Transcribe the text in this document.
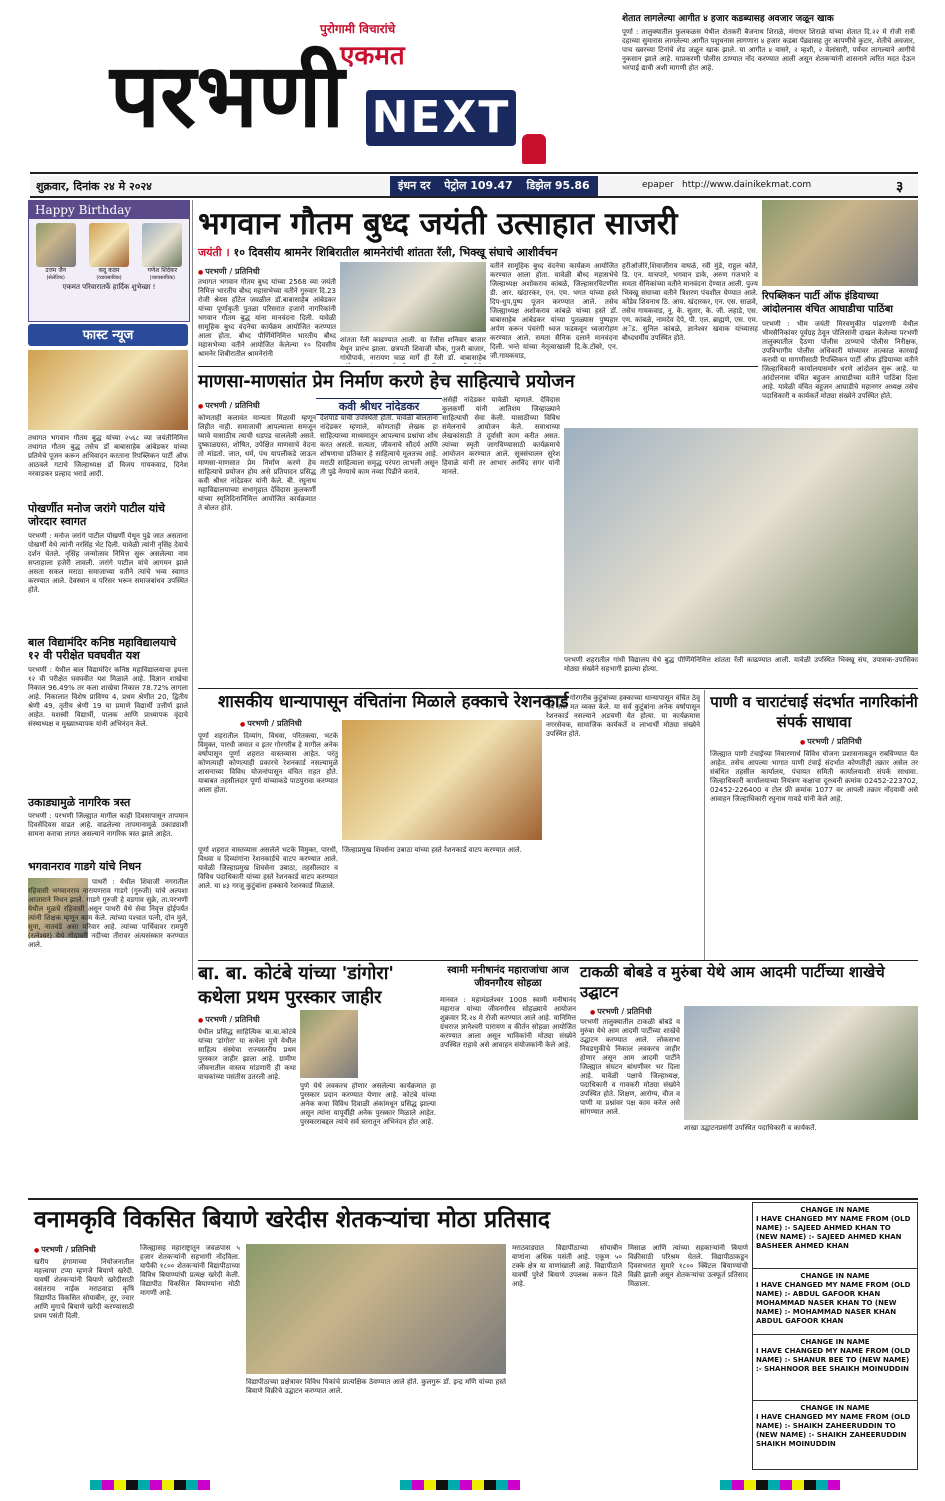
पुरोगामी विचारांचे
एकमत
परभणी NEXT
शेतात लागलेल्या आगीत ४ हजार कडब्यासह अवजार जळून खाक
पूर्णा : तालुक्यातील फुलकळस येथील शेतकरी बैजनाथ शिराळे, मंगाधर शिराळे यांच्या शेतात दि.२२ मे रोजी रात्री दहाच्या सुमारास लागलेल्या आगीत पशुधनास लागणारा ४ हजार कडबा पेंढ्यासह तुर कापणीचे कुटार, शेतीचे अवजार, पाच ख्वरच्या टिनांचे शेड जळून खाक झाले. या आगीत ४ वासरे, २ म्हशी, २ वेलांसारी, पर्यंचर लागल्याने आगीचे नुकसान झाले आहे. याप्रकरणी पोलीस ठाण्यात नोंद करण्यात आली असून शेतकऱ्यांनी शासनाने त्वरित मदत देऊन भरपाई द्यावी अशी मागणी होत आहे.
शुक्रवार, दिनांक २४ मे २०२४	इंधन दर पेट्रोल 109.47 डिझेल 95.86	epaper http://www.dainikekmat.com	३
Happy Birthday
उत्तम जैन
(सेलेटिक)
कदू कदम
(व्यावसायिक)
गणेश शिंदेकर
(व्यावसायिक)
एकमत परिवारातर्फे हार्दिक शुभेच्छा !
फास्ट न्यूज
तथागत भगवान गौतम बुद्ध यांच्या २५६८ व्या जयंतीनिमित्त तथागत गौतम बुद्ध तसेच डॉ बाबासाहेब आंबेडकर यांच्या प्रतिमेचे पूजन करून अभिवादन करताना रिपब्लिकन पार्टी ऑफ आठवले गटाचे जिल्हाध्यक्ष डॉ विजय गायकवाड, दिनेश नरवाडकर प्रल्हाद भराडे आदी.
पोखर्णीत मनोज जरांगे पाटील यांचे जोरदार स्वागत
परभणी : मनोज जरांगे पाटील पोखर्णी येथून पुढे जात असताना पोखर्णी येथे त्यांनी नरसिंह भेट दिली. यावेळी त्यांनी नृसिंह देवाचे दर्शन घेतले. नृसिंह जन्मोत्सव निमित्त सुरू असलेल्या नाम सप्ताहाला हजेरी लावली. जरांगे पाटील यांचे आगमन झाले असता सकल मराठा समाजाच्या वतीने त्यांचे भव्य स्वागत करण्यात आले. देवस्थान व परिसर भरून समाजबांधव उपस्थित होते.
बाल विद्यामंदिर कनिष्ठ महाविद्यालयाचे १२ वी परीक्षेत घवघवीत यश
परभणी : येथील बाल विद्यामंदिर कनिष्ठ महाविद्यालयाचा इयत्ता १२ वी परीक्षेत घवघवीत यश मिळाले आहे. विज्ञान शाखेचा निकाल 96.49% तर कला शाखेचा निकाल 78.72% लागला आहे. निकालात विशेष प्राविण्य 4, प्रथम श्रेणीत 20, द्वितीय श्रेणी 49, तृतीय श्रेणी 19 या प्रमाणे विद्यार्थी उत्तीर्ण झाले आहेत. यशस्वी विद्यार्थी, पालक आणि प्राध्यापक वृंदाचे संस्थाध्यक्ष व मुख्याध्यापक यांनी अभिनंदन केले.
उकाड्यामुळे नागरिक त्रस्त
परभणी : परभणी जिल्ह्यात मागील काही दिवसापासून तापमान दिवसेंदिवस वाढत आहे. वाढलेल्या तापमानामुळे उकाड्याशी सामना करावा लागत असल्याने नागरिक त्रस्त झाले आहेत.
भगवानराव गाडगे यांचे निधन
पाथरी : येथील शिवाजी नगरातील रहिवासी भगवानराव नारायणराव गाडगे (गुरुजी) यांचे अल्पशा आजाराने निधन झाले. गाडगे गुरुजी हे वडगाव सुक्रे, ता.परभणी येथील मूळचे रहिवासी असून पाथरी येथे सेवा निवृत्त होईपर्यंत त्यांनी शिक्षक म्हणून काम केले. त्यांच्या पश्चात पत्नी, दोन मुले, सुना, नातवंडे असा परिवार आहे. त्यांच्या पार्थिवावर रामपुरी (रत्नेश्वर) येथे गोदावरी नदीच्या तीरावर अंत्यसंस्कार करण्यात आले.
भगवान गौतम बुध्द जयंती उत्साहात साजरी
जयंती । १० दिवसीय श्रामनेर शिबिरातील श्रामनेरांची शांतता रॅली, भिक्खू संघाचे आशीर्वचन
● परभणी / प्रतिनिधी
तथागत भगवान गौतम बुध्द यांच्या 2568 व्या जयंती निमित्त भारतीय बौध्द महासभेच्या वतीने गुरुवार दि.23 रोजी श्रेयस हॉटेल जवळील डॉ.बाबासाहेब आंबेडकर यांच्या पूर्णाकृती पुतळा परिसरात हजारो नागरिकांनी भगवान गौतम बुद्ध यांना मानवंदना दिली. यावेळी सामूहिक बुध्द वंदनेचा कार्यक्रम आयोजित करण्यात आला होता. बौध्द पौर्णिमेनिमित्त भारतीय बौध्द महासभेच्या वतीने आयोजित केलेल्या १० दिवसीय श्रामनेर शिबीरातील श्रामनेरांनी
शांतता रॅली काढण्यात आली. या रॅलीस शनिवार बाजार येथून प्रारंभ झाला. छत्रपती शिवाजी चौक, गुजरी बाजार, गांधीपार्क, नारायण चाळ मार्गे ही रॅली डॉ. बाबासाहेब
वतीने सामूहिक बुध्द वंदनेचा कार्यक्रम आयोजित करण्यात आला होता. यावेळी बौध्द महासभेचे जिल्हाध्यक्ष अशोकराव कांबळे, जिल्हासरचिटणीस डी. आर. खंदारकर, एन. एम. भगत यांच्या हस्ते दिप-धुप,पुष्प पूजन करण्यात आले. तसेच जिल्ह्याध्यक्ष अशोकराव कांबळे यांच्या हस्ते डॉ. बाबासाहेब आंबेडकर यांच्या पुतळ्यास पुष्पहार अर्पण करून पंचरंगी ध्वज फडकवून ध्वजारोहण करण्यात आले. समता सैनिक दलाने मानवंदना दिली. भन्ते यांच्या नेतृत्वाखाली दि.के.टोंबरे, एन. जी.गायकवाड,
हरीओजीरे,शिवाजीराव वाघळे, रवी मुंडे, राहुल कोते, डि. एन. याचपारे, भगवान डाके, अरुण गजभारे व समता सैनिकांच्या वतीने मानवंदना देण्यात आली. पुज्य भिक्खू संघाच्या वतीने त्रिशरण पंचशील घेण्यात आले. कोंडेव शिवनाथ ठि. आय. खंदारकर, एन. एस. साळवे, तसेच गायकवाड, नू. के. सुतार, के. जी. लहाडे, एस. एम. कांबळे, नामदेव देपे, पी. एल. ब्राह्मणे, एस. एम. अॅड. सुनिल कांबळे, ज्ञानेश्वर खवाक यांच्यासह बौध्दधर्मीय उपस्थित होते.
रिपब्लिकन पार्टी ऑफ इंडियाच्या आंदोलनास वंचित आघाडीचा पाठिंबा
परभणी : भीम जयंती मिरवणुकीत पांढरगणी येथील भीमसैनिकांवर पूर्वग्रह ठेवून पोलिसांनी दाखल केलेल्या परभणी तालुक्यातील दैठणा पोलीस ठाण्याचे पोलीस निरीक्षक, उपविभागीय पोलीस अधिकारी यांच्यावर तात्काळ कारवाई करावी या मागणीसाठी रिपब्लिकन पार्टी ऑफ इंडियाच्या वतीने जिल्हाधिकारी कार्यालयासमोर धरणे आंदोलन सुरू आहे. या आंदोलनास वंचित बहुजन आघाडीच्या वतीने पाठिंबा दिला आहे. यावेळी वंचित बहुजन आघाडीचे महानगर अध्यक्ष तसेच पदाधिकारी व कार्यकर्ते मोठ्या संख्येने उपस्थित होते.
माणसा-माणसांत प्रेम निर्माण करणे हेच साहित्याचे प्रयोजन
● परभणी / प्रतिनिधी	कवी श्रीधर नांदेडकर
कोणताही कलावंत मान्यता मिळावी म्हणून लिहीत नाही. समाजाची आपल्याला समजून घ्यावे यासाठीच त्याची धडपड चाललेली असते. दुष्काळग्रस्त, शोषित, उपेक्षित माणसाचे वेदना तो मांडतो. जात, धर्म, पंथ यापलीकडे जाऊन माणसा-माणसात प्रेम निर्माण करणे हेच साहित्याचे प्रयोजन होय असे प्रतिपादन प्रसिद्ध कवी श्रीधर नांदेडकर यांनी केले. बी. रघुनाथ महाविद्यालयाच्या सभागृहात देविदास कुलकर्णी यांच्या स्मृतिदिनानिमित्त आयोजित कार्यक्रमात ते बोलत होते.
देशपांडे यांची उपस्थिती होती. यावेळी बोलताना नांदेडकर म्हणाले, कोणताही लेखक हा साहित्याच्या माध्यमातून आपल्याच प्रश्नांचा शोध करत असतो. सत्यता, जीवनाचे सौंदर्य आणि शोषणाचा प्रतिकार हे साहित्याचे मूलतत्त्व आहे. मराठी साहित्याला समृद्ध परंपरा लाभली असून ती पुढे नेण्याचे काम नव्या पिढीने करावे.
असेही नांदेडकर यावेळी म्हणाले. देविदास कुलकर्णी यांनी आतिशय जिव्हाळ्याने साहित्याची सेवा केली. यासाठीच्या विविध संमेलनाचे आयोजन केले. सवाधाच्या लेखकांसाठी ते दूर्वासी काम करीत असत. त्यांच्या स्मृती जागविण्यासाठी कार्यक्रमाचे आयोजन करण्यात आले. सूत्रसंचालन सुरेश हिवाळे यांनी तर आभार अरविंद सगर यांनी मानले.
परभणी शहरातील गांधी विद्यालय येथे बुद्ध पौर्णिमेनिमित्त शांतता रॅली काढण्यात आली. यावेळी उपस्थित भिक्खू संघ, उपासक-उपासिका मोठ्या संख्येने सहभागी झाल्या होत्या.
शासकीय धान्यापासून वंचितांना मिळाले हक्काचे रेशनकार्ड
● परभणी / प्रतिनिधी
पूर्णा शहरातील दिव्यांग, विधवा, परितक्त्या, भटके विमुक्त, पारधी जमात व इतर गोरगरीब हे मागील अनेक वर्षापासून पूर्णा शहरात वास्तव्यास आहेत. परंतु कोणत्याही कोणत्याही प्रकारचे रेशनकार्ड नसल्यामुळे शासनाच्या विविध योजनांपासून वंचित राहत होते. याबाबत तहसीलदार पूर्णा यांच्याकडे पाठपुरावा करण्यात आला होता.
पूर्णा शहरात वास्तव्यास असलेले भटके विमुक्त, पारधी, विधवा व दिव्यांगांना रेशनकार्डचे वाटप करण्यात आले. यावेळी जिल्हाप्रमुख शिवसेना उबाठा, तहसीलदार व विविध पदाधिकारी यांच्या हस्ते रेशनकार्ड वाटप करण्यात आले. या ४३ गरजू कुटुंबांना हक्काचे रेशनकार्ड मिळाले.
जिल्हाप्रमुख शिवसेना उबाठा यांच्या हस्ते रेशनकार्ड वाटप करण्यात आले.
सरकारने गोरगरीब कुटुंबांच्या हक्काच्या धान्यापासून वंचित ठेवू नये असे मत व्यक्त केले. या सर्व कुटुंबांना अनेक वर्षापासून रेशनकार्ड नसल्याने अडचणी येत होत्या. या कार्यक्रमास नगरसेवक, सामाजिक कार्यकर्ते व लाभार्थी मोठ्या संख्येने उपस्थित होते.
पाणी व चाराटंचाई संदर्भात नागरिकांनी संपर्क साधावा
● परभणी / प्रतिनिधी
जिल्ह्यात पाणी टंचाईच्या निवारणार्थ विविध योजना प्रशासनाकडून राबविण्यात येत आहेत. तसेच आपल्या भागात पाणी टंचाई संदर्भात कोणतीही तक्रार असेल तर संबंधित तहसील कार्यालय, पंचायत समिती कार्यालयाशी संपर्क साधावा. जिल्हाधिकारी कार्यालयाच्या नियंत्रण कक्षाचा दूरध्वनी क्रमांक 02452-223702, 02452-226400 व टोल फ्री क्रमांक 1077 वर आपली तक्रार नोंदवावी असे आवाहन जिल्हाधिकारी रघुनाथ गावडे यांनी केले आहे.
बा. बा. कोटंबे यांच्या 'डांगोरा' कथेला प्रथम पुरस्कार जाहीर
● परभणी / प्रतिनिधी
येथील प्रसिद्ध साहित्यिक बा.बा.कोटंबे यांच्या 'डांगोरा' या कथेला पुणे येथील साहित्य संस्थेचा राज्यस्तरीय प्रथम पुरस्कार जाहीर झाला आहे. ग्रामीण जीवनातील वास्तव मांडणारी ही कथा वाचकांच्या पसंतीस उतरली आहे.
पुणे येथे लवकरच होणार असलेल्या कार्यक्रमात हा पुरस्कार प्रदान करण्यात येणार आहे. कोटंबे यांच्या अनेक कथा विविध दिवाळी अंकांमधून प्रसिद्ध झाल्या असून त्यांना यापूर्वीही अनेक पुरस्कार मिळाले आहेत. पुरस्काराबद्दल त्यांचे सर्व स्तरातून अभिनंदन होत आहे.
स्वामी मनीषानंद महाराजांचा आज जीवनगौरव सोहळा
मानवत : महामंडलेश्वर 1008 स्वामी मनीषानंद महाराज यांच्या जीवनगौरव सोहळ्याचे आयोजन शुक्रवार दि.२४ मे रोजी करण्यात आले आहे. यानिमित्त ग्रंथराज ज्ञानेश्वरी पारायण व कीर्तन सोहळा आयोजित करण्यात आला असून भाविकांनी मोठ्या संख्येने उपस्थित राहावे असे आवाहन संयोजकांनी केले आहे.
टाकळी बोबडे व मुरुंबा येथे आम आदमी पार्टीच्या शाखेचे उद्घाटन
● परभणी / प्रतिनिधी
परभणी तालुक्यातील टाकळी बोबडे व मुरुंबा येथे आम आदमी पार्टीच्या शाखेचे उद्घाटन करण्यात आले. लोकसभा निवडणुकीचे निकाल लवकरच जाहीर होणार असून आम आदमी पार्टीने जिल्ह्यात संघटन बांधणीवर भर दिला आहे. यावेळी पक्षाचे जिल्हाध्यक्ष, पदाधिकारी व गावकरी मोठ्या संख्येने उपस्थित होते. शिक्षण, आरोग्य, वीज व पाणी या प्रश्नांवर पक्ष काम करेल असे सांगण्यात आले.
शाखा उद्घाटनप्रसंगी उपस्थित पदाधिकारी व कार्यकर्ते.
वनामकृवि विकसित बियाणे खरेदीस शेतकऱ्यांचा मोठा प्रतिसाद
● परभणी / प्रतिनिधी
खरीप हंगामाच्या नियोजनातील महत्त्वाचा टप्पा म्हणजे बियाणे खरेदी. यावर्षी शेतकऱ्यांनी बियाणे खरेदीसाठी वसंतराव नाईक मराठवाडा कृषि विद्यापीठ विकसित सोयाबीन, तूर, ज्वार आणि मुगाचे बियाणे खरेदी करण्यासाठी प्रथम पसंती दिली.
जिल्ह्यासह महाराष्ट्रातून जवळपास ५ हजार शेतकऱ्यांनी सहभागी नोंदविला. यापैकी १८०० शेतकऱ्यांनी विद्यापीठाच्या विविध बियाण्यांची प्रत्यक्ष खरेदी केली. विद्यापीठ विकसित बियाण्यांना मोठी मागणी आहे.
विद्यापीठाच्या प्रक्षेत्रावर विविध पिकांचे प्रात्यक्षिक ठेवण्यात आले होते. कुलगुरू डॉ. इन्द्र मणि यांच्या हस्ते बियाणे विक्रीचे उद्घाटन करण्यात आले.
मराठवाड्यात विद्यापीठाच्या सोयाबीन वाणांना अधिक पसंती आहे. एकूण ५० टक्के क्षेत्र या वाणांखाली आहे. विद्यापीठाने यावर्षी पुरेशे बियाणे उपलब्ध करून दिले आहे.
मिसाळ आणि त्यांच्या सहकाऱ्यांनी बियाणे विक्रीसाठी परिश्रम घेतले. विद्यापीठाकडून दिवसभरात सुमारे १८०० क्विंटल बियाण्यांची विक्री झाली असून शेतकऱ्यांचा उत्स्फूर्त प्रतिसाद मिळाला.
CHANGE IN NAME
I HAVE CHANGED MY NAME FROM (OLD NAME) :- SAJEED AHMED KHAN TO (NEW NAME) :- SAJEED AHMED KHAN BASHEER AHMED KHAN
CHANGE IN NAME
I HAVE CHANGED MY NAME FROM (OLD NAME) :- ABDUL GAFOOR KHAN MOHAMMAD NASER KHAN TO (NEW NAME) :- MOHAMMAD NASER KHAN ABDUL GAFOOR KHAN
CHANGE IN NAME
I HAVE CHANGED MY NAME FROM (OLD NAME) :- SHANUR BEE TO (NEW NAME) :- SHAHNOOR BEE SHAIKH MOINUDDIN
CHANGE IN NAME
I HAVE CHANGED MY NAME FROM (OLD NAME) :- SHAIKH ZAHEERUDDIN TO (NEW NAME) :- SHAIKH ZAHEERUDDIN SHAIKH MOINUDDIN
